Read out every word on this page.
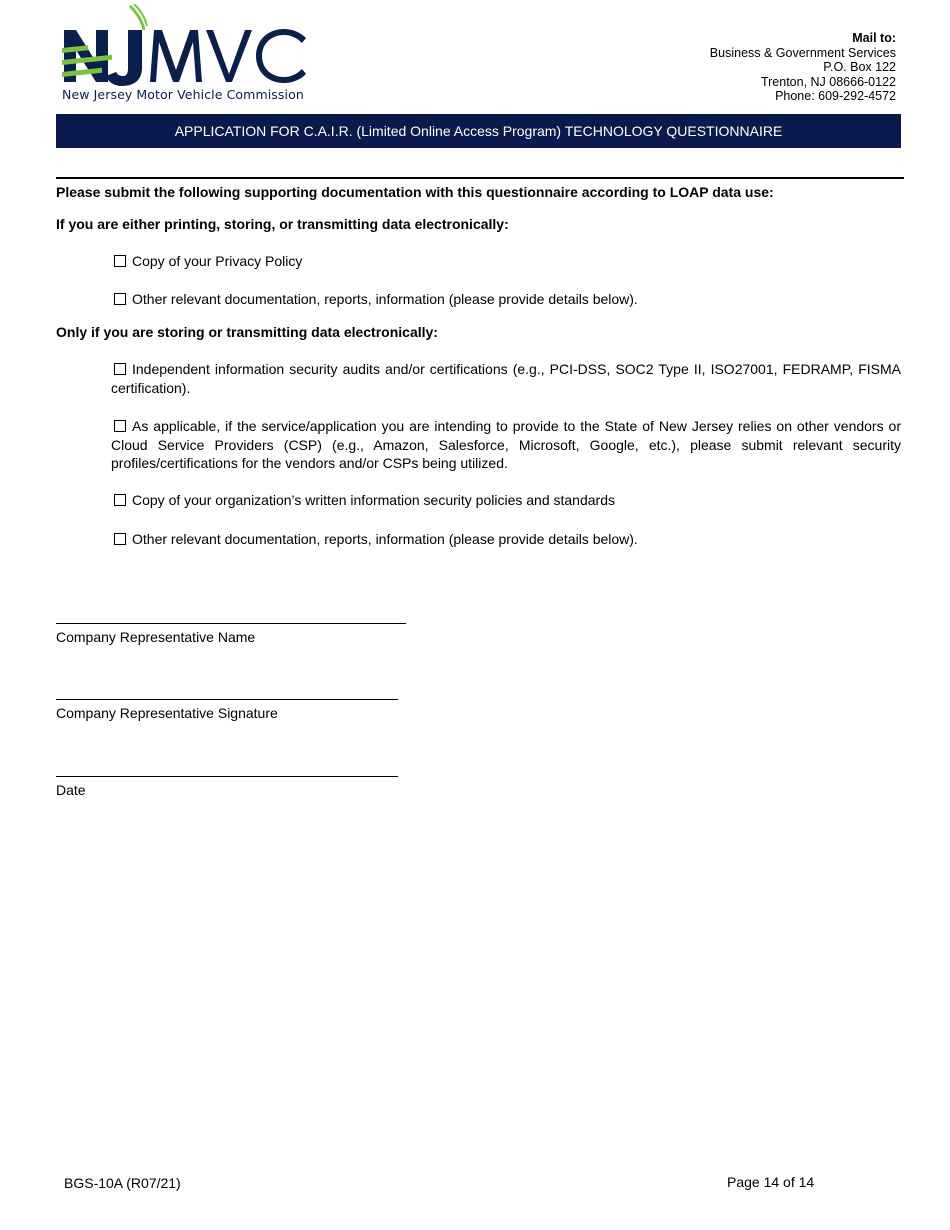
New Jersey Motor Vehicle Commission
Mail to:
Business & Government Services
P.O. Box 122
Trenton, NJ 08666-0122
Phone: 609-292-4572
APPLICATION FOR C.A.I.R. (Limited Online Access Program) TECHNOLOGY QUESTIONNAIRE
Please submit the following supporting documentation with this questionnaire according to LOAP data use:
If you are either printing, storing, or transmitting data electronically:
Copy of your Privacy Policy
Other relevant documentation, reports, information (please provide details below).
Only if you are storing or transmitting data electronically:
Independent information security audits and/or certifications (e.g., PCI-DSS, SOC2 Type II, ISO27001, FEDRAMP, FISMA certification).
As applicable, if the service/application you are intending to provide to the State of New Jersey relies on other vendors or Cloud Service Providers (CSP) (e.g., Amazon, Salesforce, Microsoft, Google, etc.), please submit relevant security profiles/certifications for the vendors and/or CSPs being utilized.
Copy of your organization’s written information security policies and standards
Other relevant documentation, reports, information (please provide details below).
Company Representative Name
Company Representative Signature
Date
BGS-10A (R07/21)	Page 14 of 14
